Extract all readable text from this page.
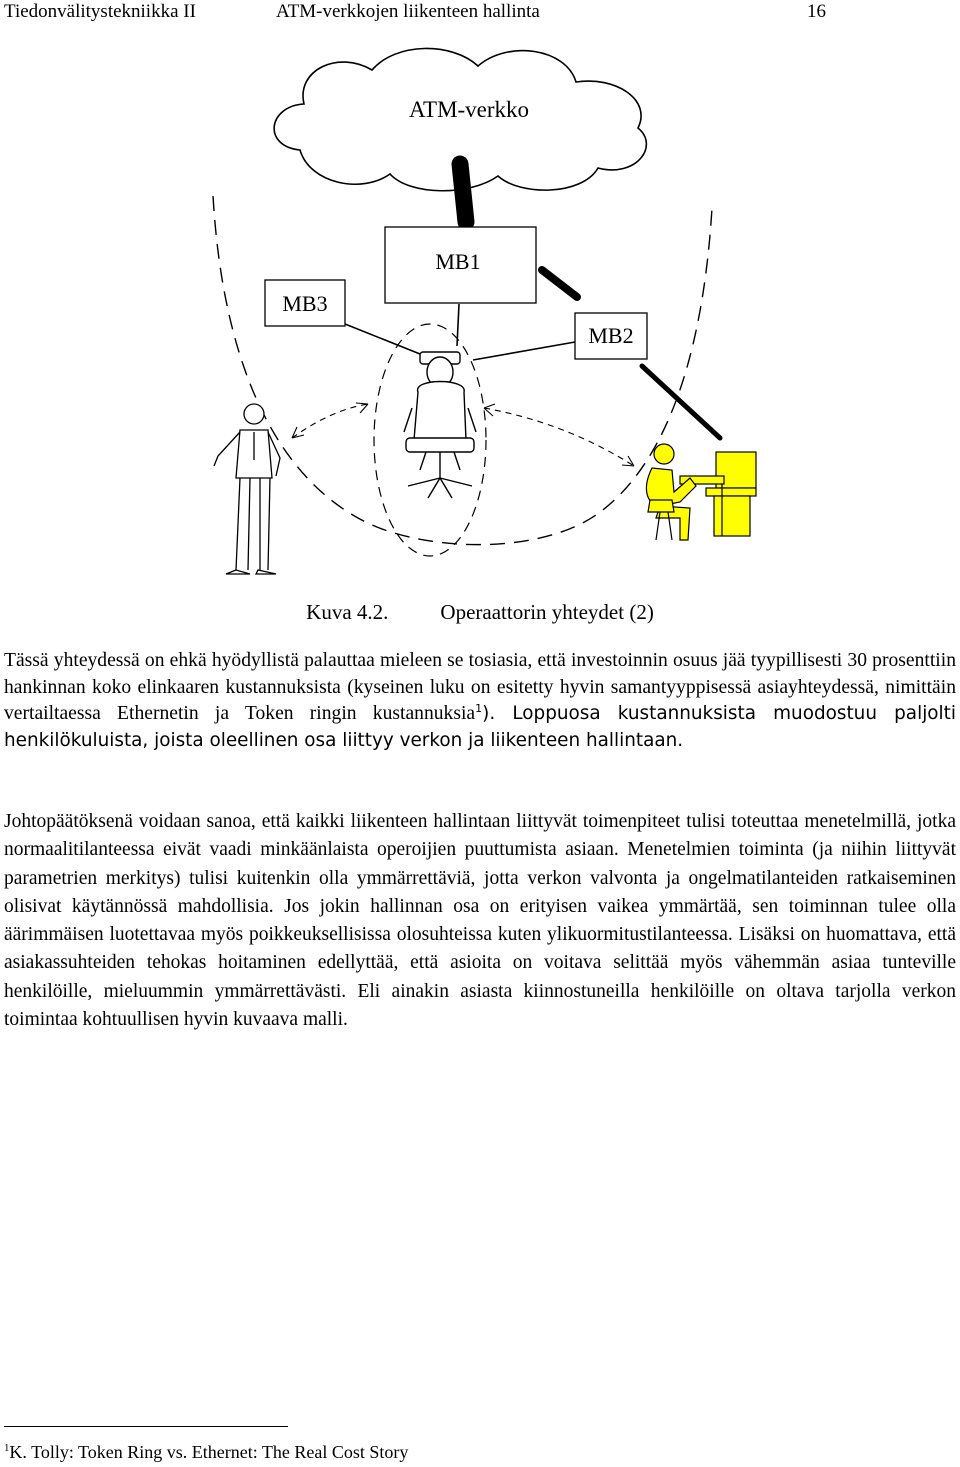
Tiedonvälitystekniikka II	ATM-verkkojen liikenteen hallinta	16
ATM-verkko
MB1
MB3
MB2
Kuva 4.2. Operaattorin yhteydet (2)

Tässä yhteydessä on ehkä hyödyllistä palauttaa mieleen se tosiasia, että investoinnin osuus jää tyypillisesti 30 prosenttiin hankinnan koko elinkaaren kustannuksista (kyseinen luku on esitetty hyvin samantyyppisessä asiayhteydessä, nimittäin vertailtaessa Ethernetin ja Token ringin kustannuksia$^1$). Loppuosa kustannuksista muodostuu paljolti henkilökuluista, joista oleellinen osa liittyy verkon ja liikenteen hallintaan.

Johtopäätöksenä voidaan sanoa, että kaikki liikenteen hallintaan liittyvät toimenpiteet tulisi toteuttaa menetelmillä, jotka normaalitilanteessa eivät vaadi minkäänlaista operoijien puuttumista asiaan. Menetelmien toiminta (ja niihin liittyvät parametrien merkitys) tulisi kuitenkin olla ymmärrettäviä, jotta verkon valvonta ja ongelmatilanteiden ratkaiseminen olisivat käytännössä mahdollisia. Jos jokin hallinnan osa on erityisen vaikea ymmärtää, sen toiminnan tulee olla äärimmäisen luotettavaa myös poikkeuksellisissa olosuhteissa kuten ylikuormitustilanteessa. Lisäksi on huomattava, että asiakassuhteiden tehokas hoitaminen edellyttää, että asioita on voitava selittää myös vähemmän asiaa tunteville henkilöille, mieluummin ymmärrettävästi. Eli ainakin asiasta kiinnostuneilla henkilöille on oltava tarjolla verkon toimintaa kohtuullisen hyvin kuvaava malli.

$^1$K. Tolly: Token Ring vs. Ethernet: The Real Cost Story
